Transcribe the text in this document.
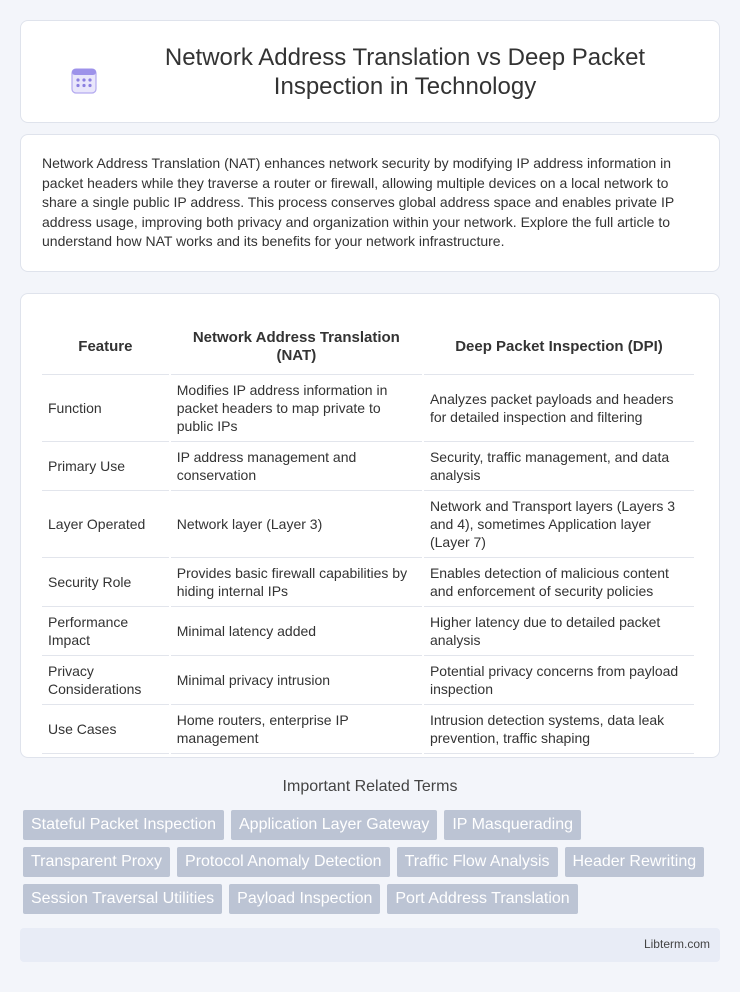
Network Address Translation vs Deep Packet Inspection in Technology

Network Address Translation (NAT) enhances network security by modifying IP address information in packet headers while they traverse a router or firewall, allowing multiple devices on a local network to share a single public IP address. This process conserves global address space and enables private IP address usage, improving both privacy and organization within your network. Explore the full article to understand how NAT works and its benefits for your network infrastructure.

Feature	Network Address Translation (NAT)	Deep Packet Inspection (DPI)
Function	Modifies IP address information in packet headers to map private to public IPs	Analyzes packet payloads and headers for detailed inspection and filtering
Primary Use	IP address management and conservation	Security, traffic management, and data analysis
Layer Operated	Network layer (Layer 3)	Network and Transport layers (Layers 3 and 4), sometimes Application layer (Layer 7)
Security Role	Provides basic firewall capabilities by hiding internal IPs	Enables detection of malicious content and enforcement of security policies
Performance Impact	Minimal latency added	Higher latency due to detailed packet analysis
Privacy Considerations	Minimal privacy intrusion	Potential privacy concerns from payload inspection
Use Cases	Home routers, enterprise IP management	Intrusion detection systems, data leak prevention, traffic shaping
Important Related Terms
Stateful Packet Inspection	Application Layer Gateway	IP Masquerading
Transparent Proxy	Protocol Anomaly Detection	Traffic Flow Analysis	Header Rewriting
Session Traversal Utilities	Payload Inspection	Port Address Translation
Libterm.com
